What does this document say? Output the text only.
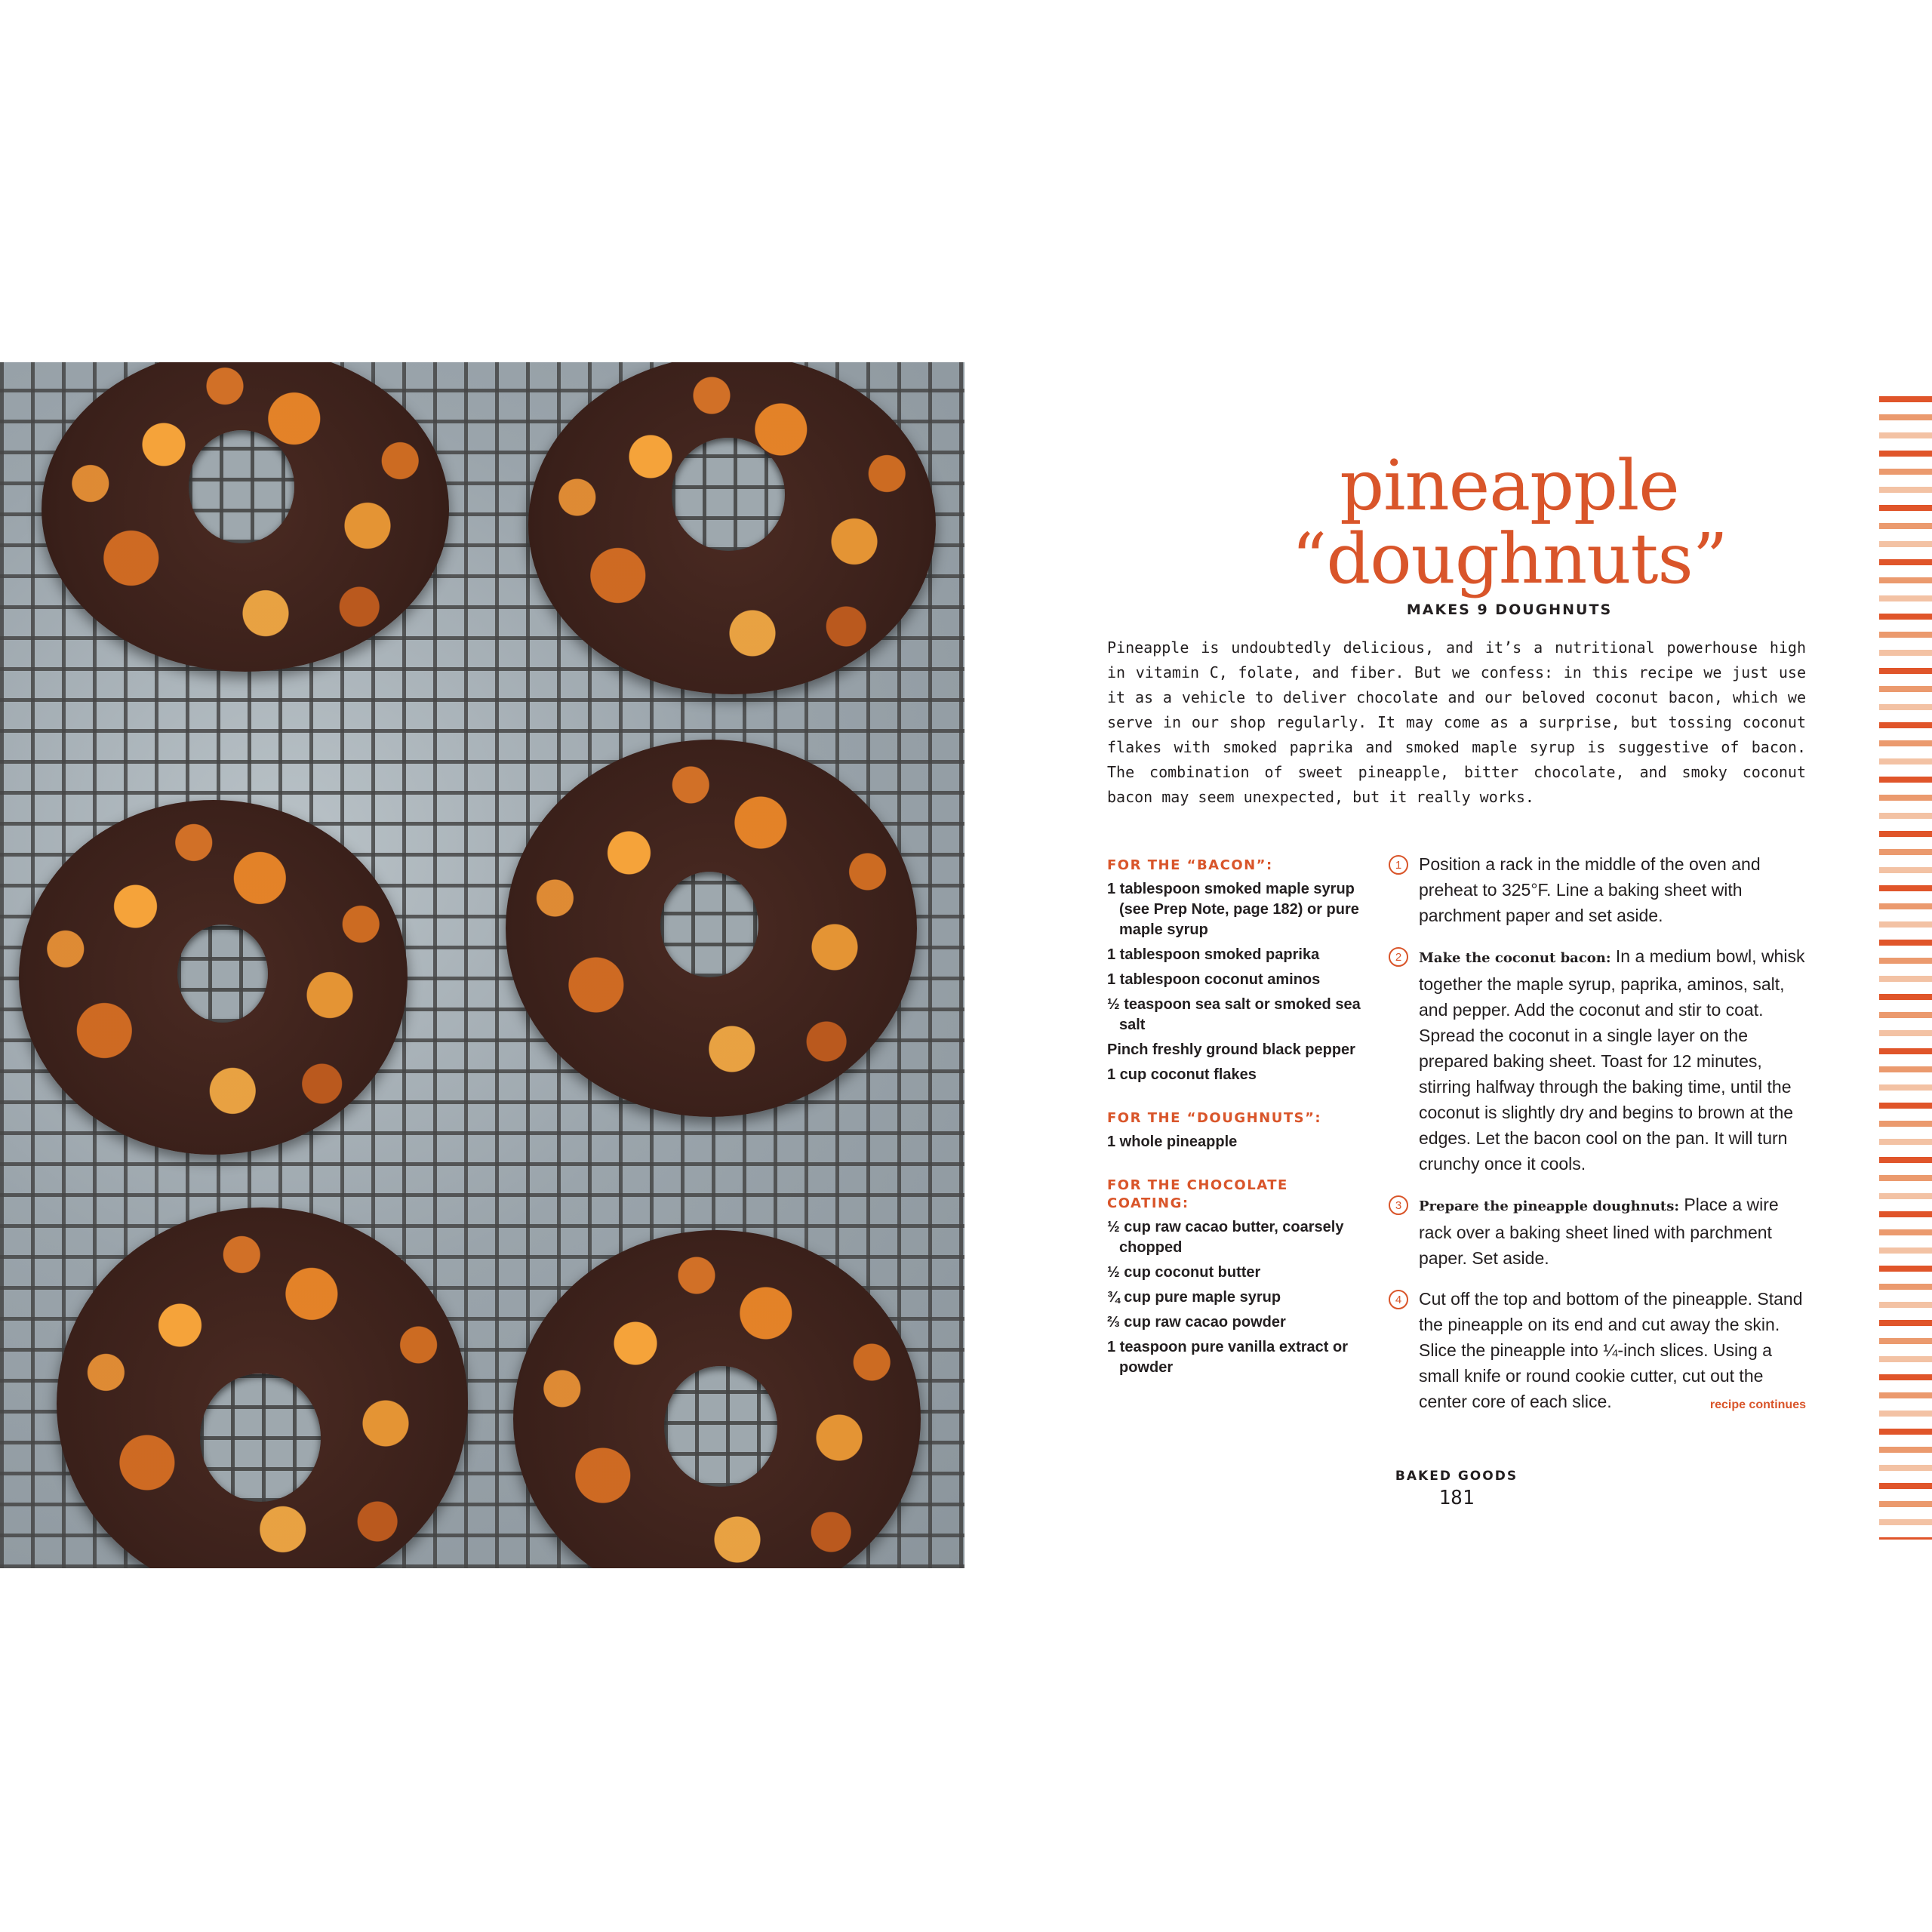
pineapple
“doughnuts”
MAKES 9 DOUGHNUTS

Pineapple is undoubtedly delicious, and it’s a nutritional powerhouse high in vitamin C, folate, and fiber. But we confess: in this recipe we just use it as a vehicle to deliver chocolate and our beloved coconut bacon, which we serve in our shop regularly. It may come as a surprise, but tossing coconut flakes with smoked paprika and smoked maple syrup is suggestive of bacon. The combination of sweet pineapple, bitter chocolate, and smoky coconut bacon may seem unexpected, but it really works.

FOR THE “BACON”:
1 tablespoon smoked maple syrup (see Prep Note, page 182) or pure maple syrup
1 tablespoon smoked paprika
1 tablespoon coconut aminos
½ teaspoon sea salt or smoked sea salt
Pinch freshly ground black pepper
1 cup coconut flakes
FOR THE “DOUGHNUTS”:
1 whole pineapple
FOR THE CHOCOLATE COATING:
½ cup raw cacao butter, coarsely chopped
½ cup coconut butter
¾ cup pure maple syrup
⅔ cup raw cacao powder
1 teaspoon pure vanilla extract or powder
1 Position a rack in the middle of the oven and preheat to 325°F. Line a baking sheet with parchment paper and set aside.
2	Make the coconut bacon: In a medium bowl, whisk together the maple syrup, paprika, aminos, salt, and pepper. Add the coconut and stir to coat. Spread the coconut in a single layer on the prepared baking sheet. Toast for 12 minutes, stirring halfway through the baking time, until the coconut is slightly dry and begins to brown at the edges. Let the bacon cool on the pan. It will turn crunchy once it cools.
3	Prepare the pineapple doughnuts: Place a wire rack over a baking sheet lined with parchment paper. Set aside.
4 Cut off the top and bottom of the pineapple. Stand the pineapple on its end and cut away the skin. Slice the pineapple into ¼-inch slices. Using a small knife or round cookie cutter, cut out the center core of each slice.	recipe continues
BAKED GOODS
181
